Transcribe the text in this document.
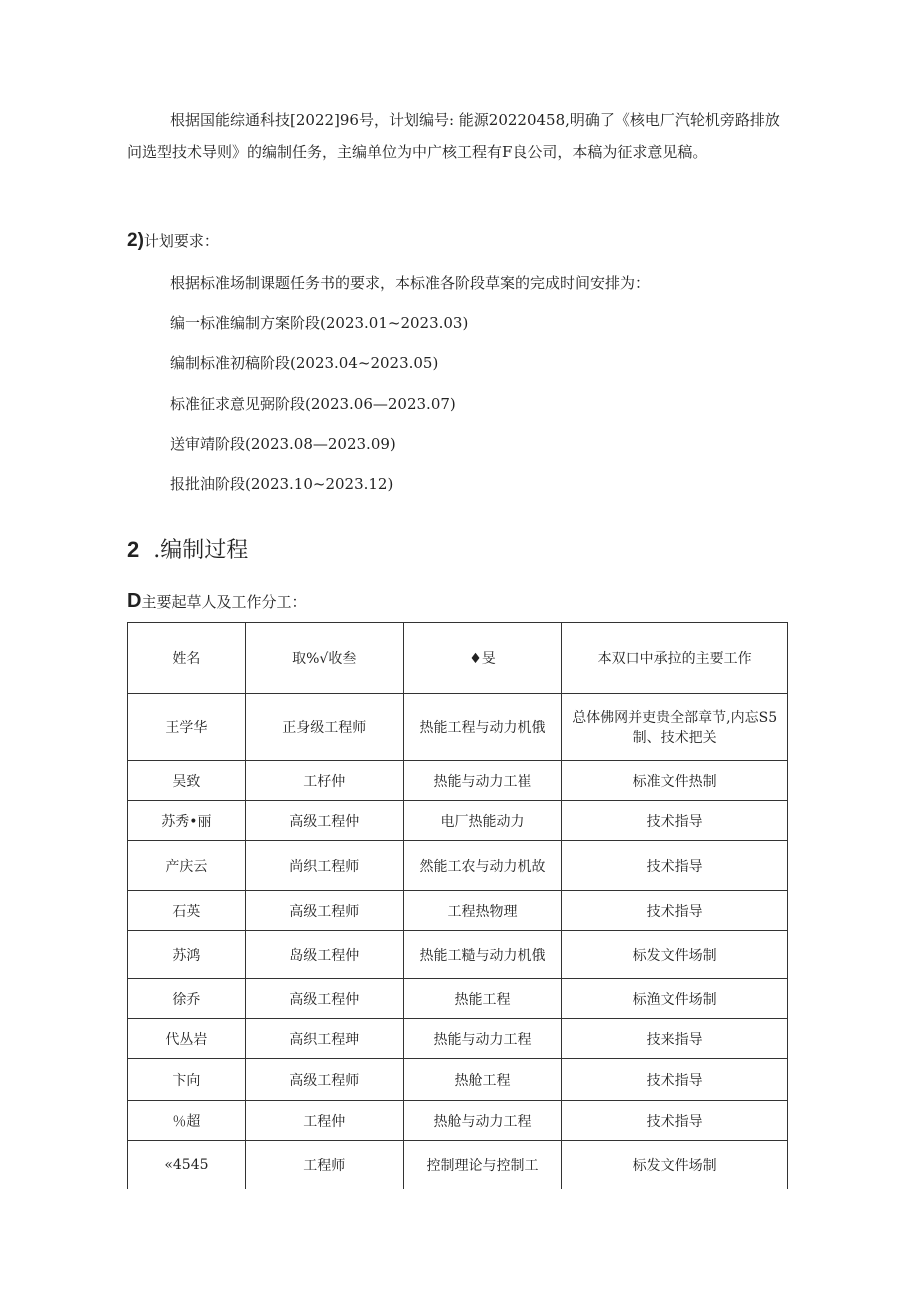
根据国能综通科技[2022]96号，计划编号: 能源20220458,明确了《核电厂汽轮机旁路排放问选型技术导则》的编制任务，主编单位为中广核工程有F良公司，本稿为征求意见稿。
2)计划要求：
根据标准场制课题任务书的要求，本标准各阶段草案的完成时间安排为：
编一标准编制方案阶段(2023.01~2023.03)
编制标准初稿阶段(2023.04~2023.05)
标准征求意见弼阶段(2023.06—2023.07)
送审靖阶段(2023.08—2023.09)
报批油阶段(2023.10~2023.12)
2 .编制过程
D主要起草人及工作分工：
姓名	取%√收叁	♦旻	本双口中承拉的主要工作
王学华	正身级工程师	热能工程与动力机俄	总体佛网并吏贵全部章节,内忘S5制、技术把关
吴致	工杍仲	热能与动力工崔	标准文件热制
苏秀•丽	高级工程仲	电厂热能动力	技术指导
产庆云	尚织工程师	然能工农与动力机故	技术指导
石英	高级工程师	工程热物理	技术指导
苏鸿	岛级工程仲	热能工糙与动力机俄	标发文件场制
徐乔	高级工程仲	热能工程	标渔文件场制
代丛岩	高织工程珅	热能与动力工程	技来指导
卞向	高级工程师	热舱工程	技术指导
％超	工程仲	热舱与动力工程	技术指导
«4545	工程师	控制理论与控制工	标发文件场制
